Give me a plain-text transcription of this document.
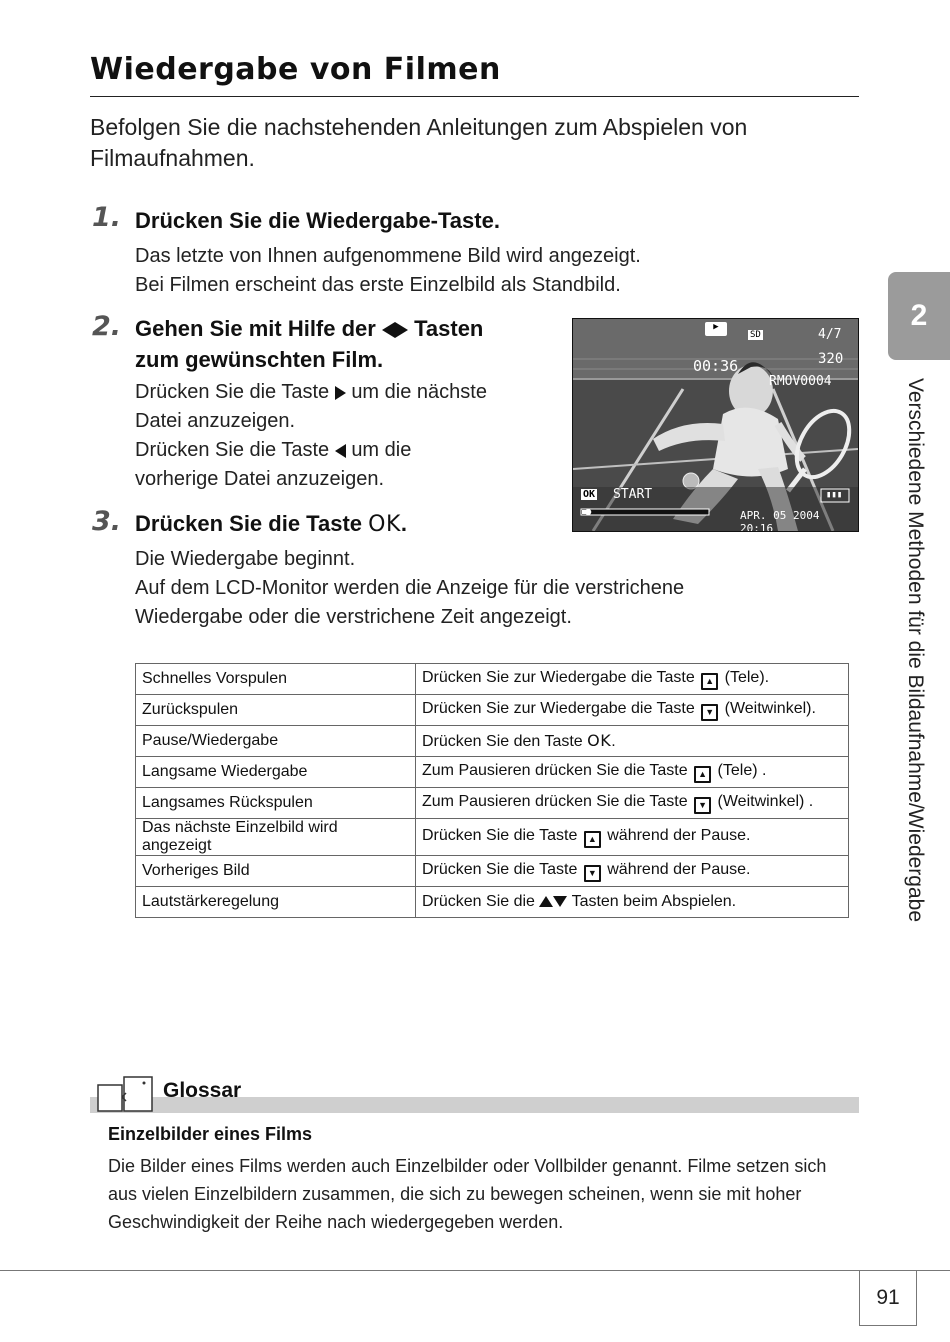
Wiedergabe von Filmen
Befolgen Sie die nachstehenden Anleitungen zum Abspielen von Filmaufnahmen.
1. Drücken Sie die Wiedergabe-Taste.
Das letzte von Ihnen aufgenommene Bild wird angezeigt.
Bei Filmen erscheint das erste Einzelbild als Standbild.
2. Gehen Sie mit Hilfe der Tasten
zum gewünschten Film.
Drücken Sie die Taste um die nächste
Datei anzuzeigen.
Drücken Sie die Taste um die
vorherige Datei anzuzeigen.
▶
SD	4/7
00:36	320
RMOV0004
OK START	▮▮▮
APR. 05 2004 20:16
3. Drücken Sie die Taste OK.
Die Wiedergabe beginnt.
Auf dem LCD-Monitor werden die Anzeige für die verstrichene
Wiedergabe oder die verstrichene Zeit angezeigt.
Schnelles Vorspulen	Drücken Sie zur Wiedergabe die Taste ▲ (Tele).
Zurückspulen	Drücken Sie zur Wiedergabe die Taste ▼ (Weitwinkel).
Pause/Wiedergabe	Drücken Sie den Taste OK.
Langsame Wiedergabe	Zum Pausieren drücken Sie die Taste ▲ (Tele) .
Langsames Rückspulen	Zum Pausieren drücken Sie die Taste ▼ (Weitwinkel) .
Das nächste Einzelbild wird angezeigt	Drücken Sie die Taste ▲ während der Pause.
Vorheriges Bild	Drücken Sie die Taste ▼ während der Pause.
Lautstärkeregelung	Drücken Sie die Tasten beim Abspielen.
2
Verschiedene Methoden für die Bildaufnahme/Wiedergabe
Glossar
Einzelbilder eines Films
Die Bilder eines Films werden auch Einzelbilder oder Vollbilder genannt. Filme setzen sich aus vielen Einzelbildern zusammen, die sich zu bewegen scheinen, wenn sie mit hoher Geschwindigkeit der Reihe nach wiedergegeben werden.
91
